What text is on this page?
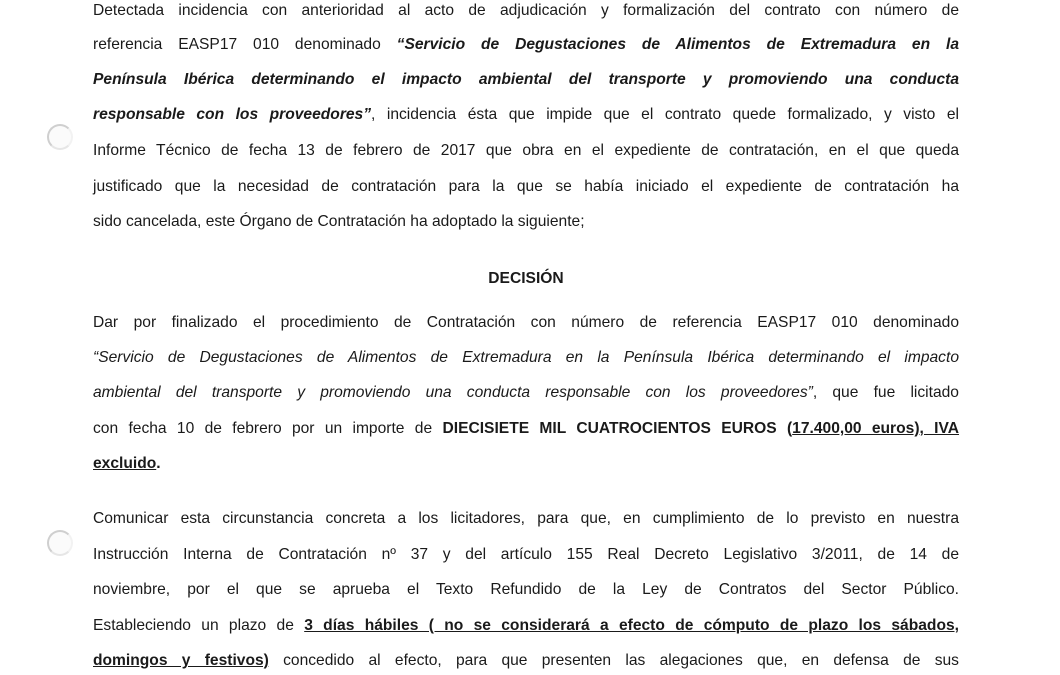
Detectada incidencia con anterioridad al acto de adjudicación y formalización del contrato con número de
referencia EASP17 010 denominado “Servicio de Degustaciones de Alimentos de Extremadura en la
Península Ibérica determinando el impacto ambiental del transporte y promoviendo una conducta
responsable con los proveedores”, incidencia ésta que impide que el contrato quede formalizado, y visto el
Informe Técnico de fecha 13 de febrero de 2017 que obra en el expediente de contratación, en el que queda
justificado que la necesidad de contratación para la que se había iniciado el expediente de contratación ha
sido cancelada, este Órgano de Contratación ha adoptado la siguiente;
DECISIÓN
Dar por finalizado el procedimiento de Contratación con número de referencia EASP17 010 denominado
“Servicio de Degustaciones de Alimentos de Extremadura en la Península Ibérica determinando el impacto
ambiental del transporte y promoviendo una conducta responsable con los proveedores”, que fue licitado
con fecha 10 de febrero por un importe de DIECISIETE MIL CUATROCIENTOS EUROS (17.400,00 euros), IVA
excluido.
Comunicar esta circunstancia concreta a los licitadores, para que, en cumplimiento de lo previsto en nuestra
Instrucción Interna de Contratación nº 37 y del artículo 155 Real Decreto Legislativo 3/2011, de 14 de
noviembre, por el que se aprueba el Texto Refundido de la Ley de Contratos del Sector Público.
Estableciendo un plazo de 3 días hábiles ( no se considerará a efecto de cómputo de plazo los sábados,
domingos y festivos) concedido al efecto, para que presenten las alegaciones que, en defensa de sus
